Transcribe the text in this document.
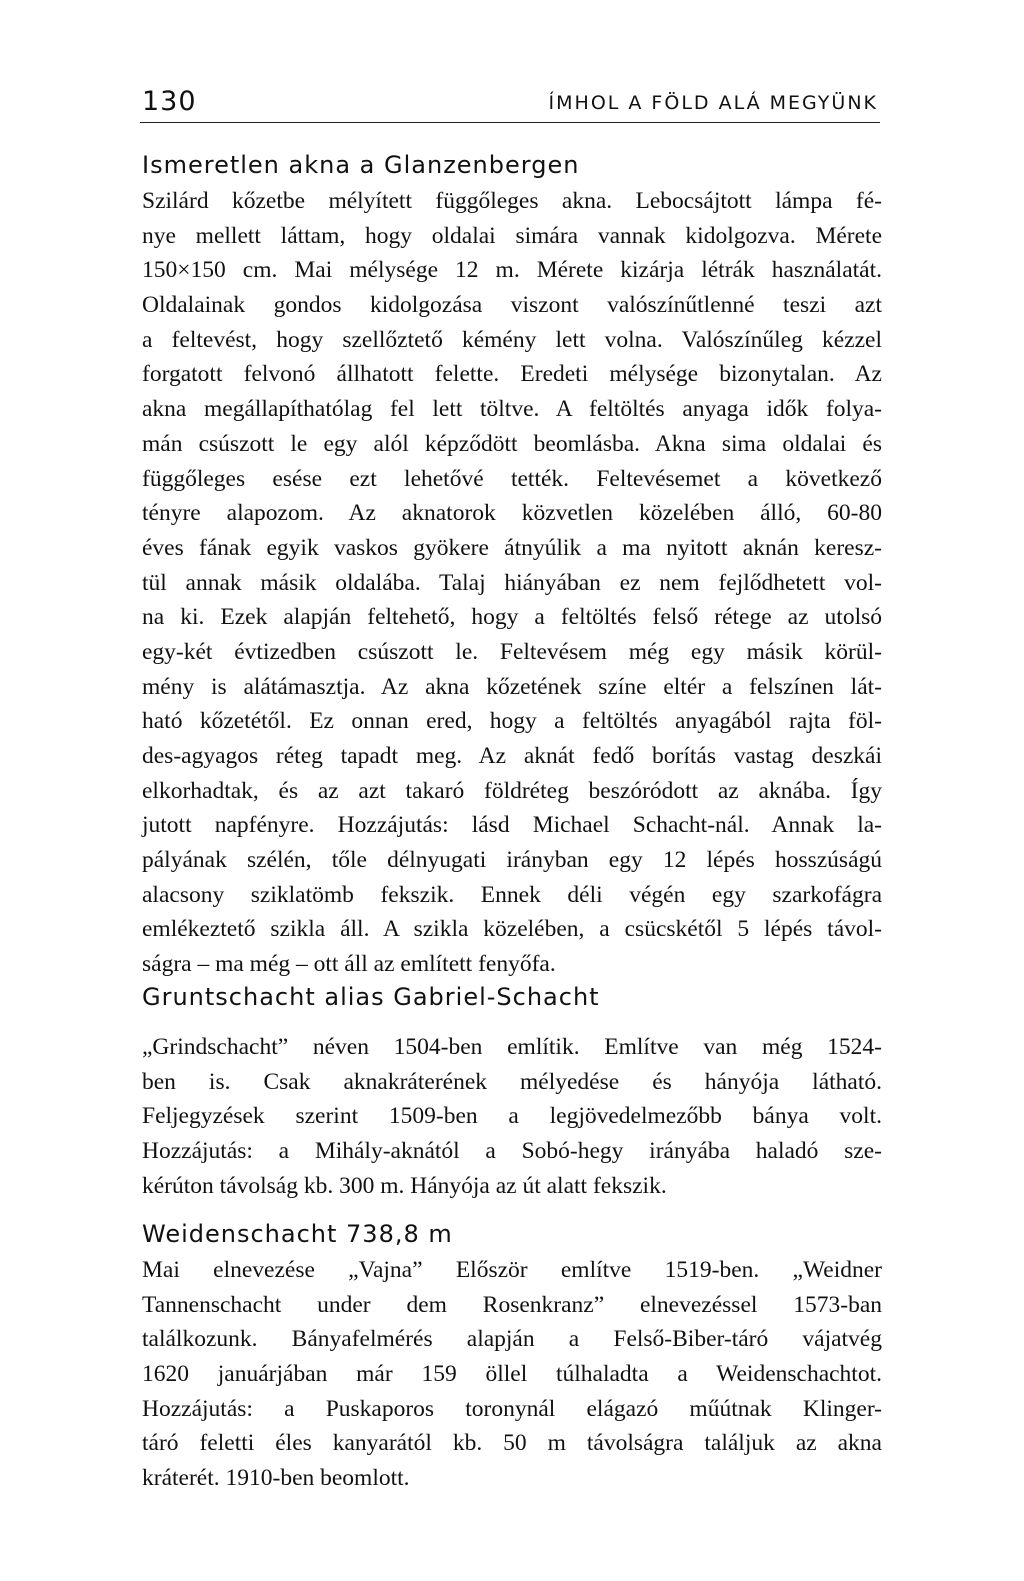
130	ÍMHOL A FÖLD ALÁ MEGYÜNK
Ismeretlen akna a Glanzenbergen
Szilárd kőzetbe mélyített függőleges akna. Lebocsájtott lámpa fé-
nye mellett láttam, hogy oldalai simára vannak kidolgozva. Mérete
150×150 cm. Mai mélysége 12 m. Mérete kizárja létrák használatát.
Oldalainak gondos kidolgozása viszont valószínűtlenné teszi azt
a feltevést, hogy szellőztető kémény lett volna. Valószínűleg kézzel
forgatott felvonó állhatott felette. Eredeti mélysége bizonytalan. Az
akna megállapíthatólag fel lett töltve. A feltöltés anyaga idők folya-
mán csúszott le egy alól képződött beomlásba. Akna sima oldalai és
függőleges esése ezt lehetővé tették. Feltevésemet a következő
tényre alapozom. Az aknatorok közvetlen közelében álló, 60-80
éves fának egyik vaskos gyökere átnyúlik a ma nyitott aknán keresz-
tül annak másik oldalába. Talaj hiányában ez nem fejlődhetett vol-
na ki. Ezek alapján feltehető, hogy a feltöltés felső rétege az utolsó
egy-két évtizedben csúszott le. Feltevésem még egy másik körül-
mény is alátámasztja. Az akna kőzetének színe eltér a felszínen lát-
ható kőzetétől. Ez onnan ered, hogy a feltöltés anyagából rajta föl-
des-agyagos réteg tapadt meg. Az aknát fedő borítás vastag deszkái
elkorhadtak, és az azt takaró földréteg beszóródott az aknába. Így
jutott napfényre. Hozzájutás: lásd Michael Schacht-nál. Annak la-
pályának szélén, tőle délnyugati irányban egy 12 lépés hosszúságú
alacsony sziklatömb fekszik. Ennek déli végén egy szarkofágra
emlékeztető szikla áll. A szikla közelében, a csücskétől 5 lépés távol-
ságra – ma még – ott áll az említett fenyőfa.
Gruntschacht alias Gabriel-Schacht
„Grindschacht” néven 1504-ben említik. Említve van még 1524-
ben is. Csak aknakráterének mélyedése és hányója látható.
Feljegyzések szerint 1509-ben a legjövedelmezőbb bánya volt.
Hozzájutás: a Mihály-aknától a Sobó-hegy irányába haladó sze-
kérúton távolság kb. 300 m. Hányója az út alatt fekszik.
Weidenschacht 738,8 m
Mai elnevezése „Vajna” Először említve 1519-ben. „Weidner
Tannenschacht under dem Rosenkranz” elnevezéssel 1573-ban
találkozunk. Bányafelmérés alapján a Felső-Biber-táró vájatvég
1620 januárjában már 159 öllel túlhaladta a Weidenschachtot.
Hozzájutás: a Puskaporos toronynál elágazó műútnak Klinger-
táró feletti éles kanyarától kb. 50 m távolságra találjuk az akna
kráterét. 1910-ben beomlott.
